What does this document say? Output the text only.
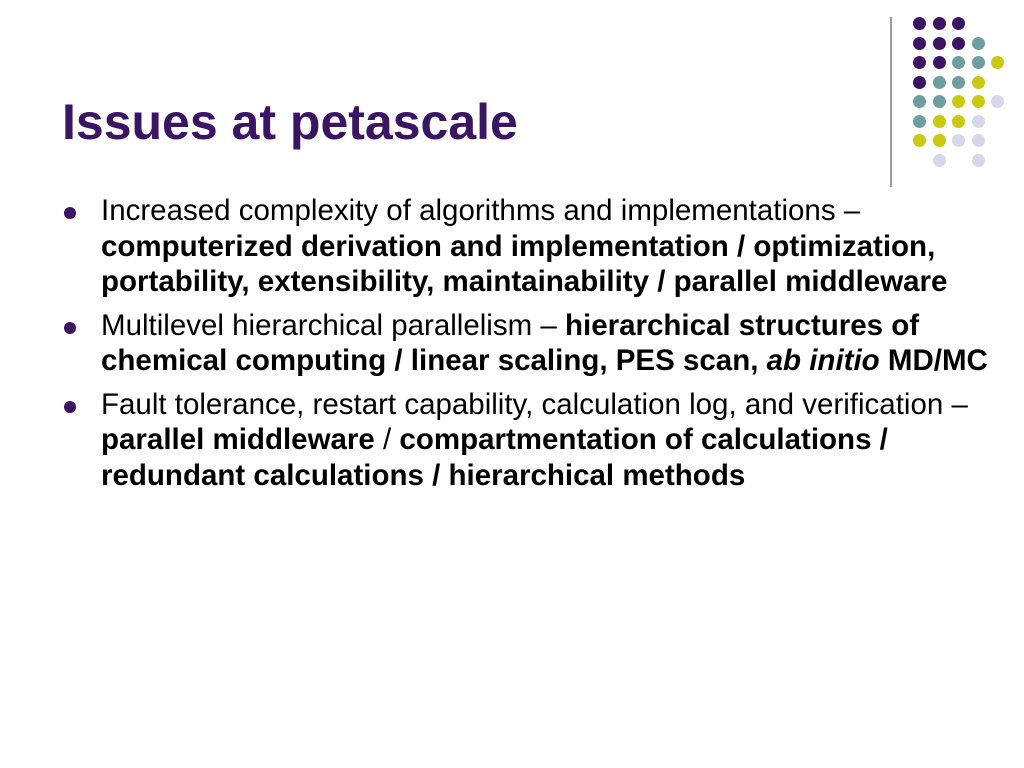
Issues at petascale
Increased complexity of algorithms and implementations – computerized derivation and implementation / optimization, portability, extensibility, maintainability / parallel middleware
Multilevel hierarchical parallelism – hierarchical structures of chemical computing / linear scaling, PES scan, ab initio MD/MC
Fault tolerance, restart capability, calculation log, and verification – parallel middleware / compartmentation of calculations / redundant calculations / hierarchical methods
